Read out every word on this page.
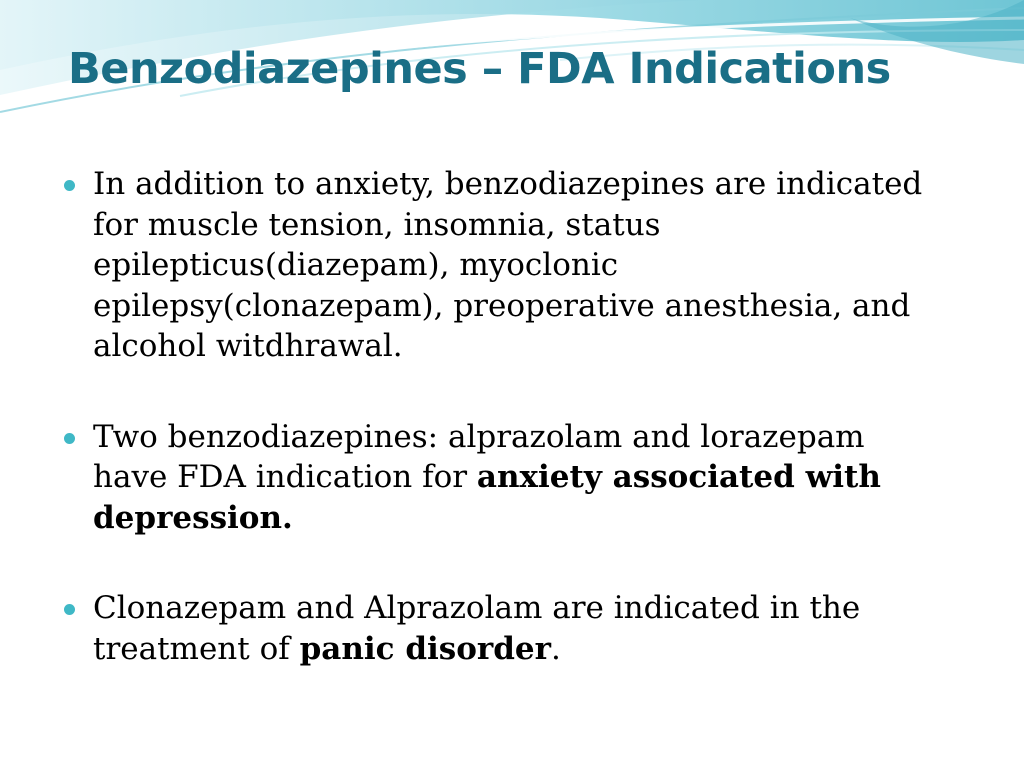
Benzodiazepines – FDA Indications
In addition to anxiety, benzodiazepines are indicated
for muscle tension, insomnia, status
epilepticus(diazepam), myoclonic
epilepsy(clonazepam), preoperative anesthesia, and
alcohol witdhrawal.
Two benzodiazepines: alprazolam and lorazepam
have FDA indication for anxiety associated with
depression.
Clonazepam and Alprazolam are indicated in the
treatment of panic disorder.
